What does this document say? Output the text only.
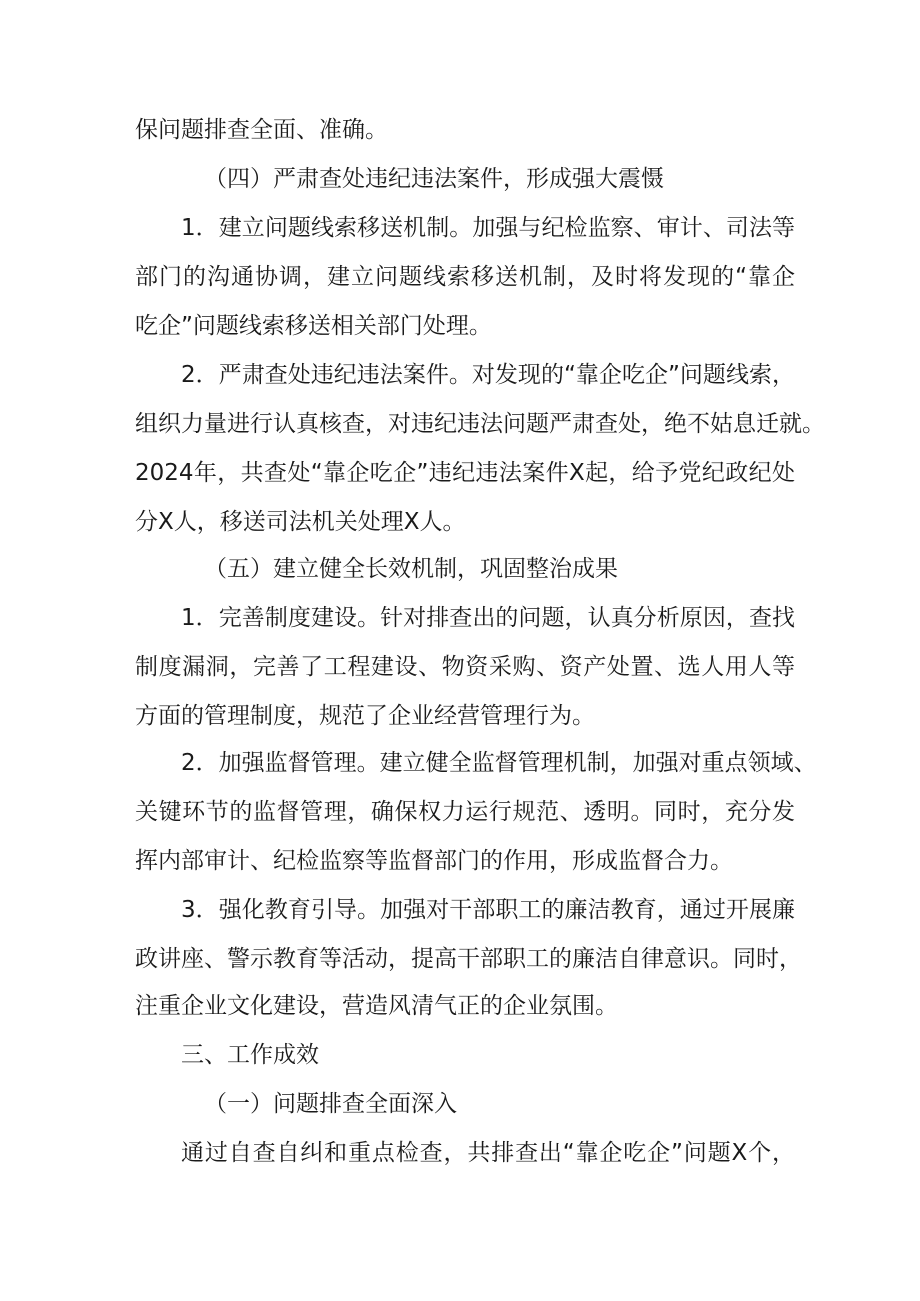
保问题排查全面、准确。
（四）严肃查处违纪违法案件，形成强大震慑
1．建立问题线索移送机制。加强与纪检监察、审计、司法等
部门的沟通协调，建立问题线索移送机制，及时将发现的“靠企
吃企”问题线索移送相关部门处理。
2．严肃查处违纪违法案件。对发现的“靠企吃企”问题线索，
组织力量进行认真核查，对违纪违法问题严肃查处，绝不姑息迁就。
2024年，共查处“靠企吃企”违纪违法案件X起，给予党纪政纪处
分X人，移送司法机关处理X人。
（五）建立健全长效机制，巩固整治成果
1．完善制度建设。针对排查出的问题，认真分析原因，查找
制度漏洞，完善了工程建设、物资采购、资产处置、选人用人等
方面的管理制度，规范了企业经营管理行为。
2．加强监督管理。建立健全监督管理机制，加强对重点领域、
关键环节的监督管理，确保权力运行规范、透明。同时，充分发
挥内部审计、纪检监察等监督部门的作用，形成监督合力。
3．强化教育引导。加强对干部职工的廉洁教育，通过开展廉
政讲座、警示教育等活动，提高干部职工的廉洁自律意识。同时，
注重企业文化建设，营造风清气正的企业氛围。
三、工作成效
（一）问题排查全面深入
通过自查自纠和重点检查，共排查出“靠企吃企”问题X个，
